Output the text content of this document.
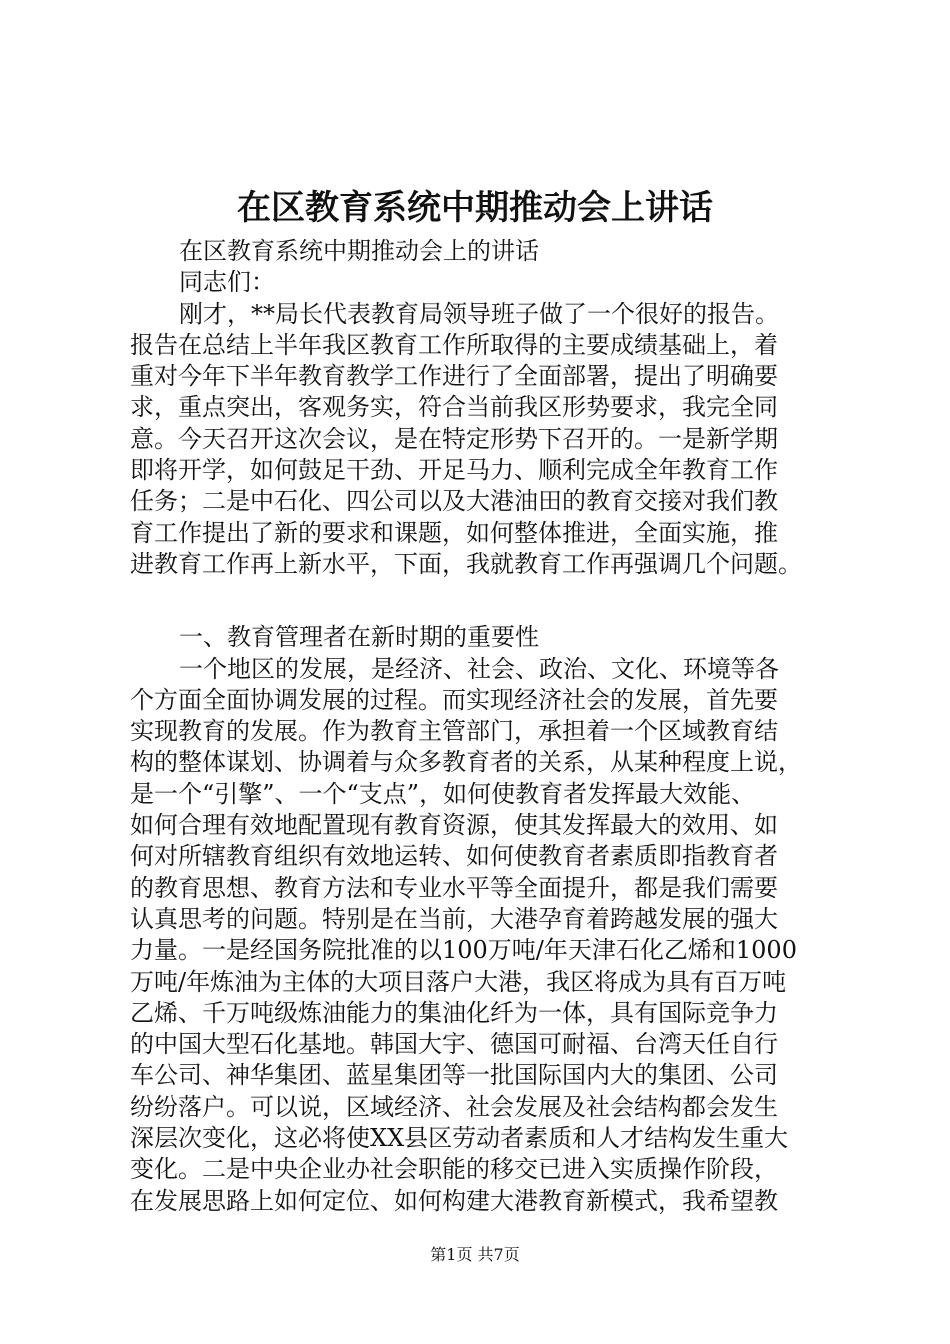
在区教育系统中期推动会上讲话

在区教育系统中期推动会上的讲话

同志们：

刚才，**局长代表教育局领导班子做了一个很好的报告。

报告在总结上半年我区教育工作所取得的主要成绩基础上，着

重对今年下半年教育教学工作进行了全面部署，提出了明确要

求，重点突出，客观务实，符合当前我区形势要求，我完全同

意。今天召开这次会议，是在特定形势下召开的。一是新学期

即将开学，如何鼓足干劲、开足马力、顺利完成全年教育工作

任务；二是中石化、四公司以及大港油田的教育交接对我们教

育工作提出了新的要求和课题，如何整体推进，全面实施，推

进教育工作再上新水平，下面，我就教育工作再强调几个问题。

一、教育管理者在新时期的重要性

一个地区的发展，是经济、社会、政治、文化、环境等各

个方面全面协调发展的过程。而实现经济社会的发展，首先要

实现教育的发展。作为教育主管部门，承担着一个区域教育结

构的整体谋划、协调着与众多教育者的关系，从某种程度上说，

是一个“引擎”、一个“支点”，如何使教育者发挥最大效能、

如何合理有效地配置现有教育资源，使其发挥最大的效用、如

何对所辖教育组织有效地运转、如何使教育者素质即指教育者

的教育思想、教育方法和专业水平等全面提升，都是我们需要

认真思考的问题。特别是在当前，大港孕育着跨越发展的强大

力量。一是经国务院批准的以100万吨/年天津石化乙烯和1000

万吨/年炼油为主体的大项目落户大港，我区将成为具有百万吨

乙烯、千万吨级炼油能力的集油化纤为一体，具有国际竞争力

的中国大型石化基地。韩国大宇、德国可耐福、台湾天任自行

车公司、神华集团、蓝星集团等一批国际国内大的集团、公司

纷纷落户。可以说，区域经济、社会发展及社会结构都会发生

深层次变化，这必将使XX县区劳动者素质和人才结构发生重大

变化。二是中央企业办社会职能的移交已进入实质操作阶段，

在发展思路上如何定位、如何构建大港教育新模式，我希望教

第1页 共7页
